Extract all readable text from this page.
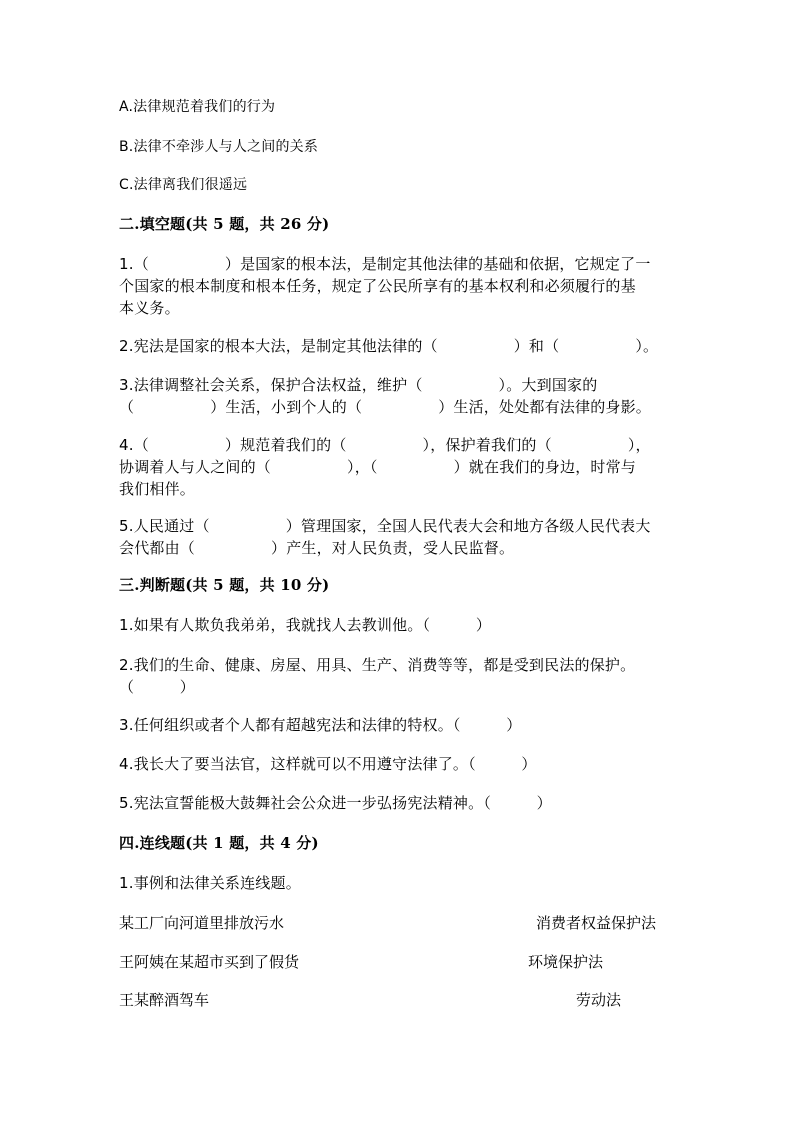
A.法律规范着我们的行为
B.法律不牵涉人与人之间的关系
C.法律离我们很遥远
二.填空题(共 5 题，共 26 分)
1.（　　　　　）是国家的根本法，是制定其他法律的基础和依据，它规定了一
个国家的根本制度和根本任务，规定了公民所享有的基本权利和必须履行的基
本义务。
2.宪法是国家的根本大法，是制定其他法律的（　　　　　）和（　　　　　）。
3.法律调整社会关系，保护合法权益，维护（　　　　　）。大到国家的
（　　　　　）生活，小到个人的（　　　　　）生活，处处都有法律的身影。
4.（　　　　　）规范着我们的（　　　　　），保护着我们的（　　　　　），
协调着人与人之间的（　　　　　），（　　　　　）就在我们的身边，时常与
我们相伴。
5.人民通过（　　　　　）管理国家，全国人民代表大会和地方各级人民代表大
会代都由（　　　　　）产生，对人民负责，受人民监督。
三.判断题(共 5 题，共 10 分)
1.如果有人欺负我弟弟，我就找人去教训他。（　　　）
2.我们的生命、健康、房屋、用具、生产、消费等等，都是受到民法的保护。
（　　　）
3.任何组织或者个人都有超越宪法和法律的特权。（　　　）
4.我长大了要当法官，这样就可以不用遵守法律了。（　　　）
5.宪法宣誓能极大鼓舞社会公众进一步弘扬宪法精神。（　　　）
四.连线题(共 1 题，共 4 分)
1.事例和法律关系连线题。
某工厂向河道里排放污水	消费者权益保护法
王阿姨在某超市买到了假货	环境保护法
王某醉酒驾车	劳动法
